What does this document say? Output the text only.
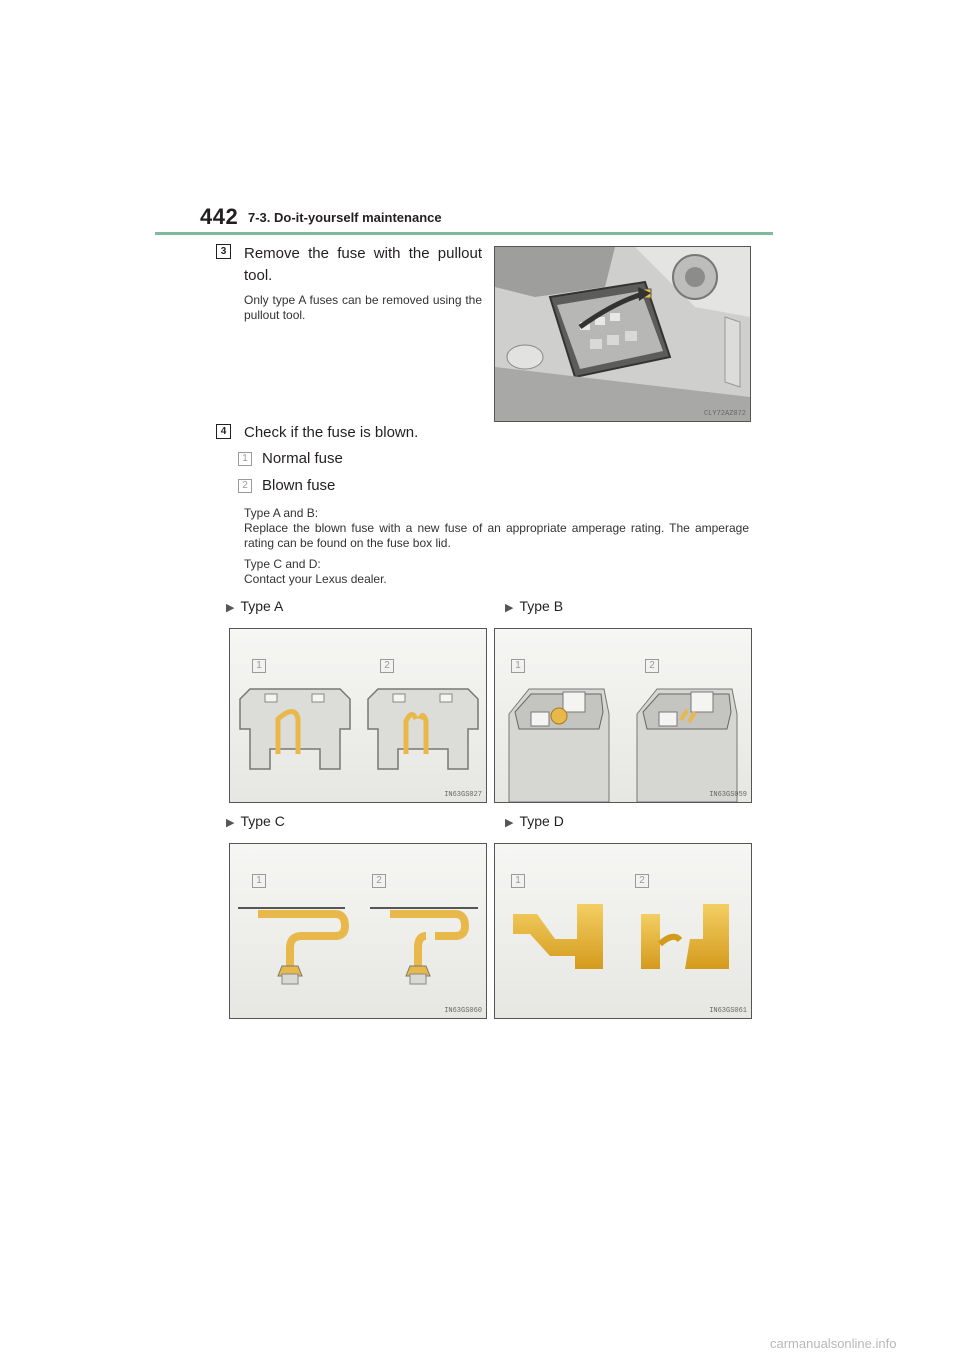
442 7-3. Do-it-yourself maintenance
3	Remove the fuse with the pullout tool.
Only type A fuses can be removed using the pullout tool.
CLY72AZ072
4	Check if the fuse is blown.
1 Normal fuse
2 Blown fuse
Type A and B:
Replace the blown fuse with a new fuse of an appropriate amperage rating. The amperage rating can be found on the fuse box lid.
Type C and D:
Contact your Lexus dealer.
▶ Type A	▶ Type B
▶ Type C	▶ Type D
1	2
IN63GS027
1	2
IN63GS059
1	2
IN63GS060
1	2
IN63GS061
carmanualsonline.info
